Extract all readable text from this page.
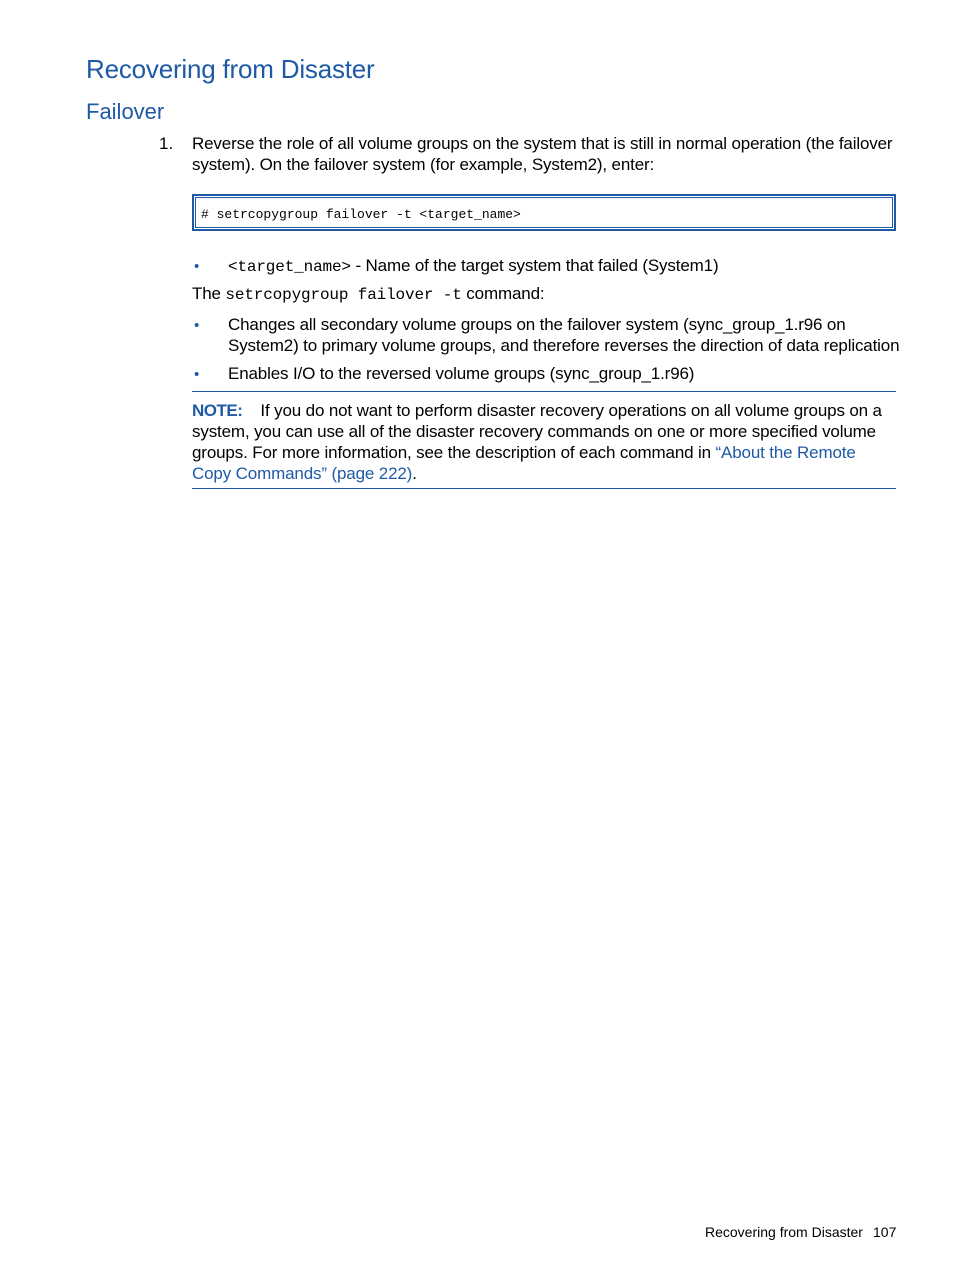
Recovering from Disaster
Failover
1. Reverse the role of all volume groups on the system that is still in normal operation (the failover system). On the failover system (for example, System2), enter:
# setrcopygroup failover -t <target_name>
• <target_name> - Name of the target system that failed (System1)
The setrcopygroup failover -t command:
• Changes all secondary volume groups on the failover system (sync_group_1.r96 on System2) to primary volume groups, and therefore reverses the direction of data replication
• Enables I/O to the reversed volume groups (sync_group_1.r96)
NOTE: If you do not want to perform disaster recovery operations on all volume groups on a system, you can use all of the disaster recovery commands on one or more specified volume groups. For more information, see the description of each command in “About the Remote Copy Commands” (page 222).
Recovering from Disaster 107
